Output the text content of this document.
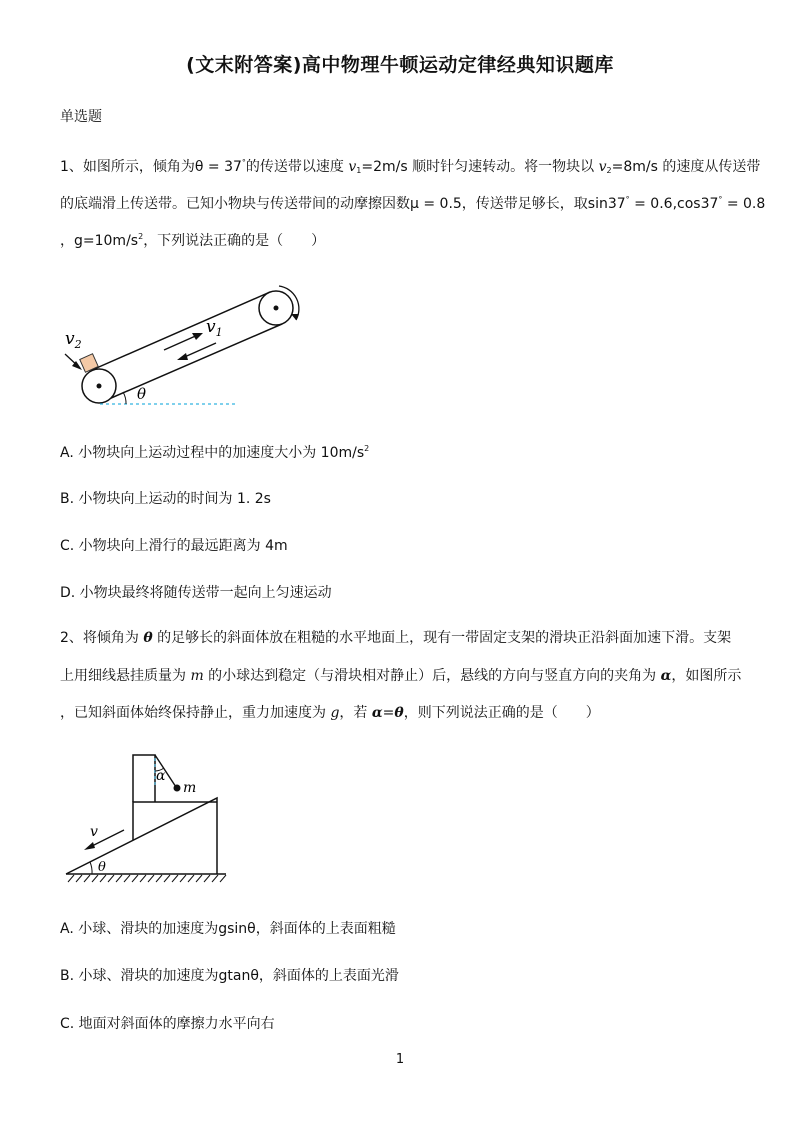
(文末附答案)高中物理牛顿运动定律经典知识题库
单选题
1、如图所示，倾角为θ = 37°的传送带以速度 $v_1=2m/s$ 顺时针匀速转动。将一物块以 $v_2=8m/s$ 的速度从传送带
的底端滑上传送带。已知小物块与传送带间的动摩擦因数μ = 0.5，传送带足够长，取sin37° = 0.6,cos37° = 0.8
，$g=10m/s^2$，下列说法正确的是（　　）
$v_2$
$v_1$
θ
A. 小物块向上运动过程中的加速度大小为 $10m/s^2$
B. 小物块向上运动的时间为 1. 2s
C. 小物块向上滑行的最远距离为 4m
D. 小物块最终将随传送带一起向上匀速运动
2、将倾角为 θ 的足够长的斜面体放在粗糙的水平地面上，现有一带固定支架的滑块正沿斜面加速下滑。支架
上用细线悬挂质量为 m 的小球达到稳定（与滑块相对静止）后，悬线的方向与竖直方向的夹角为 α，如图所示
，已知斜面体始终保持静止，重力加速度为 g，若 α=θ，则下列说法正确的是（　　）
α
m
v
θ
A. 小球、滑块的加速度为gsinθ，斜面体的上表面粗糙
B. 小球、滑块的加速度为gtanθ，斜面体的上表面光滑
C. 地面对斜面体的摩擦力水平向右
1
